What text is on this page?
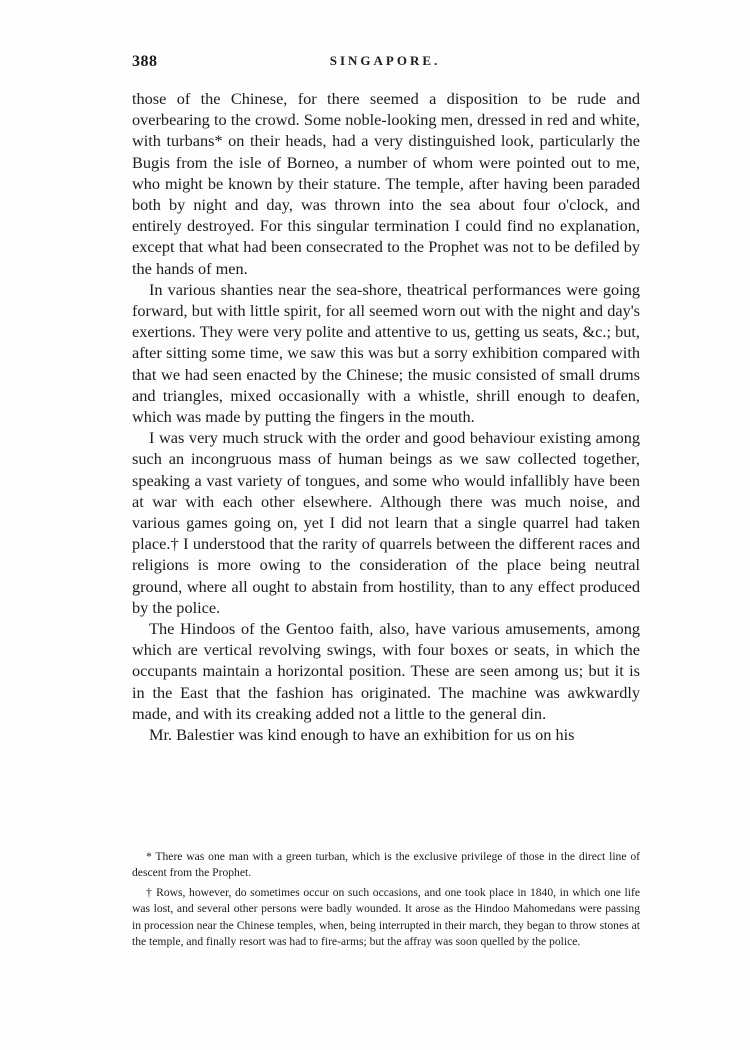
388	SINGAPORE.

those of the Chinese, for there seemed a disposition to be rude and overbearing to the crowd. Some noble-looking men, dressed in red and white, with turbans* on their heads, had a very distinguished look, particularly the Bugis from the isle of Borneo, a number of whom were pointed out to me, who might be known by their stature. The temple, after having been paraded both by night and day, was thrown into the sea about four o'clock, and entirely destroyed. For this singular termination I could find no explanation, except that what had been consecrated to the Prophet was not to be defiled by the hands of men.

In various shanties near the sea-shore, theatrical performances were going forward, but with little spirit, for all seemed worn out with the night and day's exertions. They were very polite and attentive to us, getting us seats, &c.; but, after sitting some time, we saw this was but a sorry exhibition compared with that we had seen enacted by the Chinese; the music consisted of small drums and triangles, mixed occasionally with a whistle, shrill enough to deafen, which was made by putting the fingers in the mouth.

I was very much struck with the order and good behaviour existing among such an incongruous mass of human beings as we saw collected together, speaking a vast variety of tongues, and some who would infallibly have been at war with each other elsewhere. Although there was much noise, and various games going on, yet I did not learn that a single quarrel had taken place.† I understood that the rarity of quarrels between the different races and religions is more owing to the consideration of the place being neutral ground, where all ought to abstain from hostility, than to any effect produced by the police.

The Hindoos of the Gentoo faith, also, have various amusements, among which are vertical revolving swings, with four boxes or seats, in which the occupants maintain a horizontal position. These are seen among us; but it is in the East that the fashion has originated. The machine was awkwardly made, and with its creaking added not a little to the general din.

Mr. Balestier was kind enough to have an exhibition for us on his

* There was one man with a green turban, which is the exclusive privilege of those in the direct line of descent from the Prophet.

† Rows, however, do sometimes occur on such occasions, and one took place in 1840, in which one life was lost, and several other persons were badly wounded. It arose as the Hindoo Mahomedans were passing in procession near the Chinese temples, when, being interrupted in their march, they began to throw stones at the temple, and finally resort was had to fire-arms; but the affray was soon quelled by the police.
